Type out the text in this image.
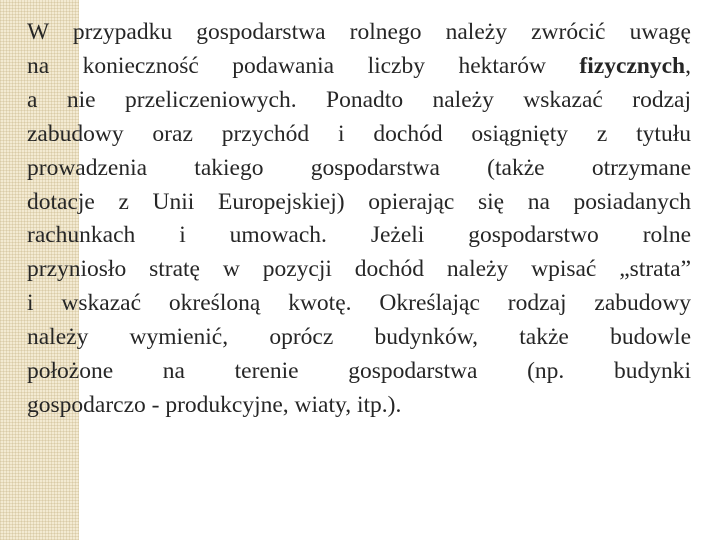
W przypadku gospodarstwa rolnego należy zwrócić uwagę
na konieczność podawania liczby hektarów fizycznych,
a nie przeliczeniowych. Ponadto należy wskazać rodzaj
zabudowy oraz przychód i dochód osiągnięty z tytułu
prowadzenia takiego gospodarstwa (także otrzymane
dotacje z Unii Europejskiej) opierając się na posiadanych
rachunkach i umowach. Jeżeli gospodarstwo rolne
przyniosło stratę w pozycji dochód należy wpisać „strata”
i wskazać określoną kwotę. Określając rodzaj zabudowy
należy wymienić, oprócz budynków, także budowle
położone na terenie gospodarstwa (np. budynki
gospodarczo - produkcyjne, wiaty, itp.).
